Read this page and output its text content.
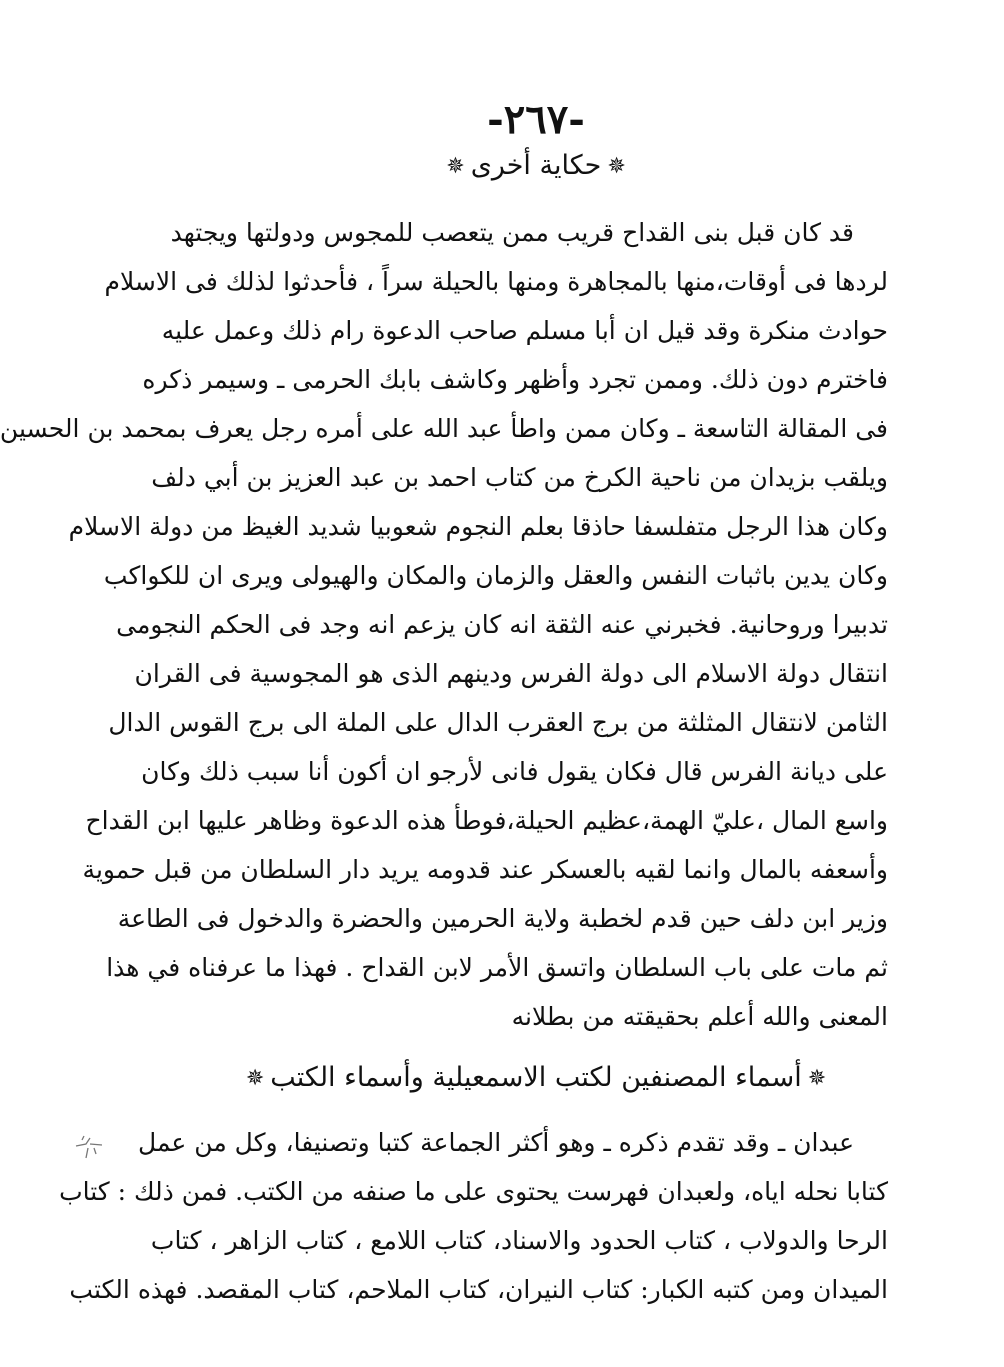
-٢٦٧-
✵حكاية أخرى✵
قد كان قبل بنى القداح قريب ممن يتعصب للمجوس ودولتها ويجتهد
لردها فى أوقات،منها بالمجاهرة ومنها بالحيلة سراً ، فأحدثوا لذلك فى الاسلام
حوادث منكرة وقد قيل ان أبا مسلم صاحب الدعوة رام ذلك وعمل عليه
فاخترم دون ذلك. وممن تجرد وأظهر وكاشف بابك الحرمى ـ وسيمر ذكره
فى المقالة التاسعة ـ وكان ممن واطأ عبد الله على أمره رجل يعرف بمحمد بن الحسين
ويلقب بزيدان من ناحية الكرخ من كتاب احمد بن عبد العزيز بن أبي دلف
وكان هذا الرجل متفلسفا حاذقا بعلم النجوم شعوبيا شديد الغيظ من دولة الاسلام
وكان يدين باثبات النفس والعقل والزمان والمكان والهيولى ويرى ان للكواكب
تدبيرا وروحانية. فخبرني عنه الثقة انه كان يزعم انه وجد فى الحكم النجومى
انتقال دولة الاسلام الى دولة الفرس ودينهم الذى هو المجوسية فى القران
الثامن لانتقال المثلثة من برج العقرب الدال على الملة الى برج القوس الدال
على ديانة الفرس قال فكان يقول فانى لأرجو ان أكون أنا سبب ذلك وكان
واسع المال ،عليّ الهمة،عظيم الحيلة،فوطأ هذه الدعوة وظاهر عليها ابن القداح
وأسعفه بالمال وانما لقيه بالعسكر عند قدومه يريد دار السلطان من قبل حموية
وزير ابن دلف حين قدم لخطبة ولاية الحرمين والحضرة والدخول فى الطاعة
ثم مات على باب السلطان واتسق الأمر لابن القداح . فهذا ما عرفناه في هذا
المعنى والله أعلم بحقيقته من بطلانه
✵أسماء المصنفين لكتب الاسمعيلية وأسماء الكتب✵
عبدان ـ وقد تقدم ذكره ـ وهو أكثر الجماعة كتبا وتصنيفا، وكل من عمل
كتابا نحله اياه، ولعبدان فهرست يحتوى على ما صنفه من الكتب. فمن ذلك : كتاب
الرحا والدولاب ، كتاب الحدود والاسناد، كتاب اللامع ، كتاب الزاهر ، كتاب
الميدان ومن كتبه الكبار: كتاب النيران، كتاب الملاحم، كتاب المقصد. فهذه الكتب
